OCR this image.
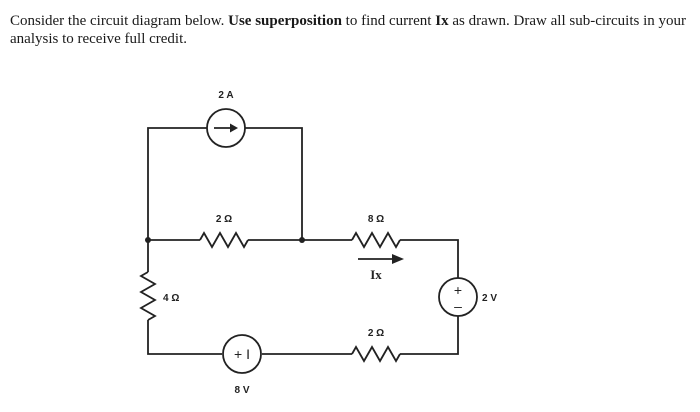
Consider the circuit diagram below. Use superposition to find current Ix as drawn. Draw all sub-circuits in your analysis to receive full credit.
2 A
2 Ω	8 Ω
Ix
4 Ω
+ I
8 V
2 Ω
+
– 2 V
